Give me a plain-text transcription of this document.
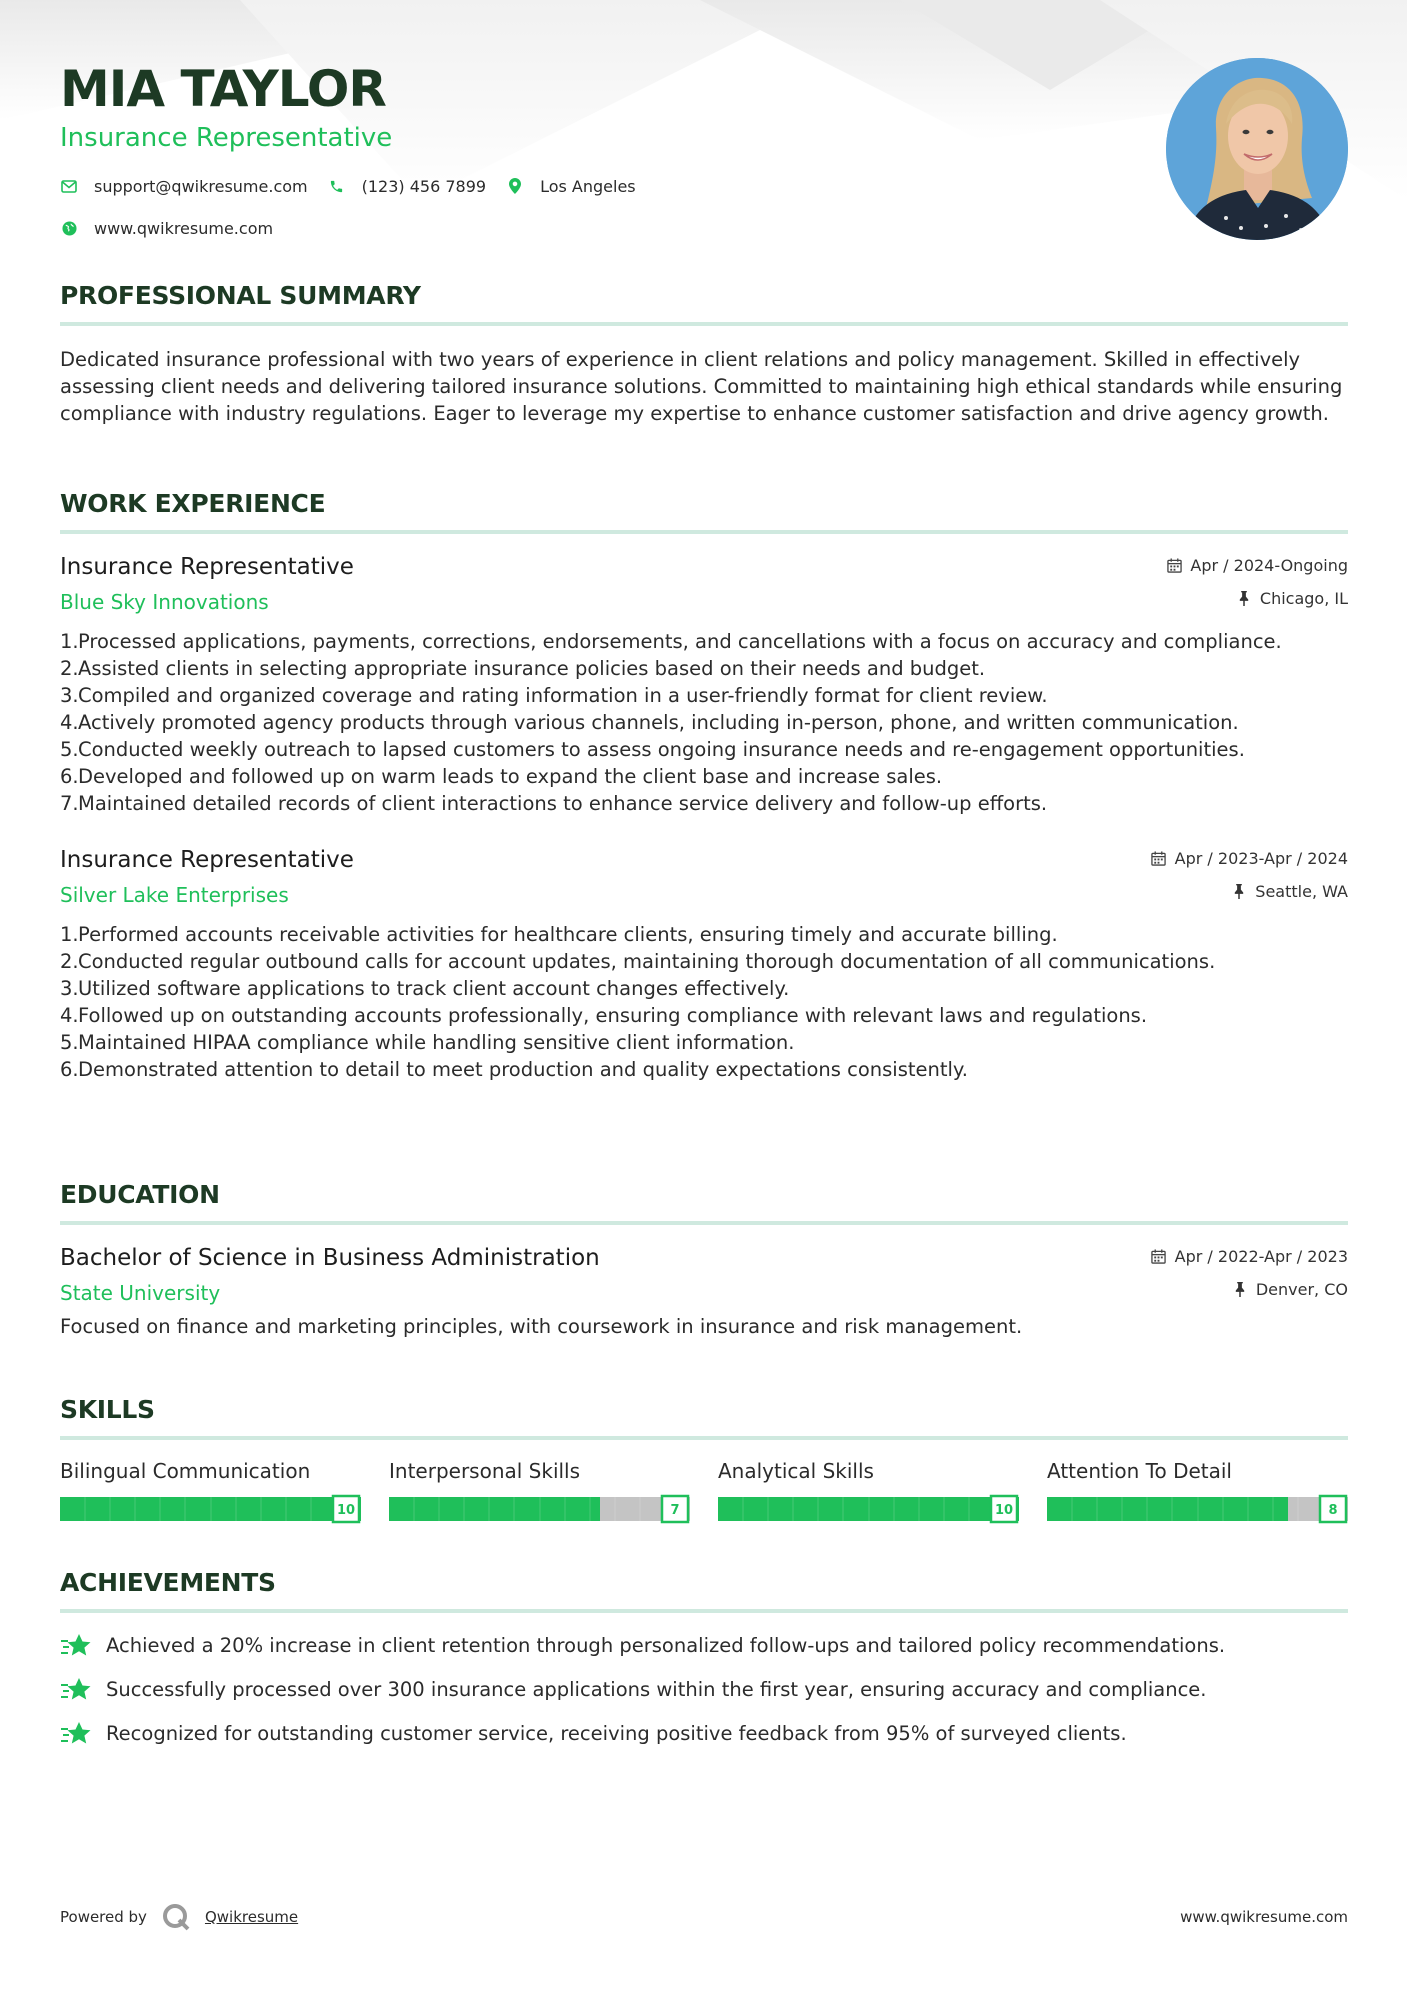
MIA TAYLOR
Insurance Representative
support@qwikresume.com	(123) 456 7899	Los Angeles
www.qwikresume.com
PROFESSIONAL SUMMARY

Dedicated insurance professional with two years of experience in client relations and policy management. Skilled in effectively assessing client needs and delivering tailored insurance solutions. Committed to maintaining high ethical standards while ensuring compliance with industry regulations. Eager to leverage my expertise to enhance customer satisfaction and drive agency growth.

WORK EXPERIENCE
Insurance Representative
Blue Sky Innovations
Apr / 2024-Ongoing
Chicago, IL
1. Processed applications, payments, corrections, endorsements, and cancellations with a focus on accuracy and compliance.
2. Assisted clients in selecting appropriate insurance policies based on their needs and budget.
3. Compiled and organized coverage and rating information in a user-friendly format for client review.
4. Actively promoted agency products through various channels, including in-person, phone, and written communication.
5. Conducted weekly outreach to lapsed customers to assess ongoing insurance needs and re-engagement opportunities.
6. Developed and followed up on warm leads to expand the client base and increase sales.
7. Maintained detailed records of client interactions to enhance service delivery and follow-up efforts.
Insurance Representative
Silver Lake Enterprises
Apr / 2023-Apr / 2024
Seattle, WA
1. Performed accounts receivable activities for healthcare clients, ensuring timely and accurate billing.
2. Conducted regular outbound calls for account updates, maintaining thorough documentation of all communications.
3. Utilized software applications to track client account changes effectively.
4. Followed up on outstanding accounts professionally, ensuring compliance with relevant laws and regulations.
5. Maintained HIPAA compliance while handling sensitive client information.
6. Demonstrated attention to detail to meet production and quality expectations consistently.
EDUCATION
Bachelor of Science in Business Administration
State University
Apr / 2022-Apr / 2023
Denver, CO

Focused on finance and marketing principles, with coursework in insurance and risk management.

SKILLS
Bilingual Communication
10
Interpersonal Skills
7
Analytical Skills
10
Attention To Detail
8
ACHIEVEMENTS
Achieved a 20% increase in client retention through personalized follow-ups and tailored policy recommendations.
Successfully processed over 300 insurance applications within the first year, ensuring accuracy and compliance.
Recognized for outstanding customer service, receiving positive feedback from 95% of surveyed clients.
Powered by	Qwikresume	www.qwikresume.com
